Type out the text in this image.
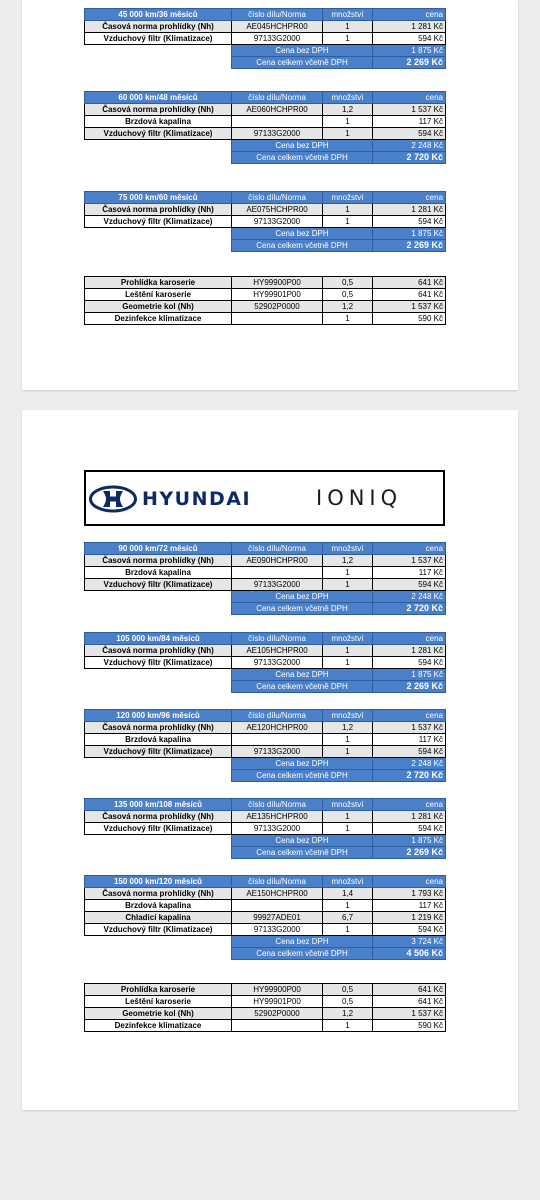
45 000 km/36 měsíců	číslo dílu/Norma	množství	cena
Časová norma prohlídky (Nh)	AE045HCHPR00	1	1 281 Kč
Vzduchový filtr (Klimatizace)	97133G2000	1	594 Kč
	Cena bez DPH		1 875 Kč
	Cena celkem včetně DPH		2 269 Kč
60 000 km/48 měsíců	číslo dílu/Norma	množství	cena
Časová norma prohlídky (Nh)	AE060HCHPR00	1,2	1 537 Kč
Brzdová kapalina		1	117 Kč
Vzduchový filtr (Klimatizace)	97133G2000	1	594 Kč
	Cena bez DPH		2 248 Kč
	Cena celkem včetně DPH		2 720 Kč
75 000 km/60 měsíců	číslo dílu/Norma	množství	cena
Časová norma prohlídky (Nh)	AE075HCHPR00	1	1 281 Kč
Vzduchový filtr (Klimatizace)	97133G2000	1	594 Kč
	Cena bez DPH		1 875 Kč
	Cena celkem včetně DPH		2 269 Kč
Prohlídka karoserie	HY99900P00	0,5	641 Kč
Leštění karoserie	HY99901P00	0,5	641 Kč
Geometrie kol (Nh)	52902P0000	1,2	1 537 Kč
Dezinfekce klimatizace		1	590 Kč
HYUNDAI	IONIQ
90 000 km/72 měsíců	číslo dílu/Norma	množství	cena
Časová norma prohlídky (Nh)	AE090HCHPR00	1,2	1 537 Kč
Brzdová kapalina		1	117 Kč
Vzduchový filtr (Klimatizace)	97133G2000	1	594 Kč
	Cena bez DPH		2 248 Kč
	Cena celkem včetně DPH		2 720 Kč
105 000 km/84 měsíců	číslo dílu/Norma	množství	cena
Časová norma prohlídky (Nh)	AE105HCHPR00	1	1 281 Kč
Vzduchový filtr (Klimatizace)	97133G2000	1	594 Kč
	Cena bez DPH		1 875 Kč
	Cena celkem včetně DPH		2 269 Kč
120 000 km/96 měsíců	číslo dílu/Norma	množství	cena
Časová norma prohlídky (Nh)	AE120HCHPR00	1,2	1 537 Kč
Brzdová kapalina		1	117 Kč
Vzduchový filtr (Klimatizace)	97133G2000	1	594 Kč
	Cena bez DPH		2 248 Kč
	Cena celkem včetně DPH		2 720 Kč
135 000 km/108 měsíců	číslo dílu/Norma	množství	cena
Časová norma prohlídky (Nh)	AE135HCHPR00	1	1 281 Kč
Vzduchový filtr (Klimatizace)	97133G2000	1	594 Kč
	Cena bez DPH		1 875 Kč
	Cena celkem včetně DPH		2 269 Kč
150 000 km/120 měsíců	číslo dílu/Norma	množství	cena
Časová norma prohlídky (Nh)	AE150HCHPR00	1,4	1 793 Kč
Brzdová kapalina		1	117 Kč
Chladicí kapalina	99927ADE01	6,7	1 219 Kč
Vzduchový filtr (Klimatizace)	97133G2000	1	594 Kč
	Cena bez DPH		3 724 Kč
	Cena celkem včetně DPH		4 506 Kč
Prohlídka karoserie	HY99900P00	0,5	641 Kč
Leštění karoserie	HY99901P00	0,5	641 Kč
Geometrie kol (Nh)	52902P0000	1,2	1 537 Kč
Dezinfekce klimatizace		1	590 Kč
